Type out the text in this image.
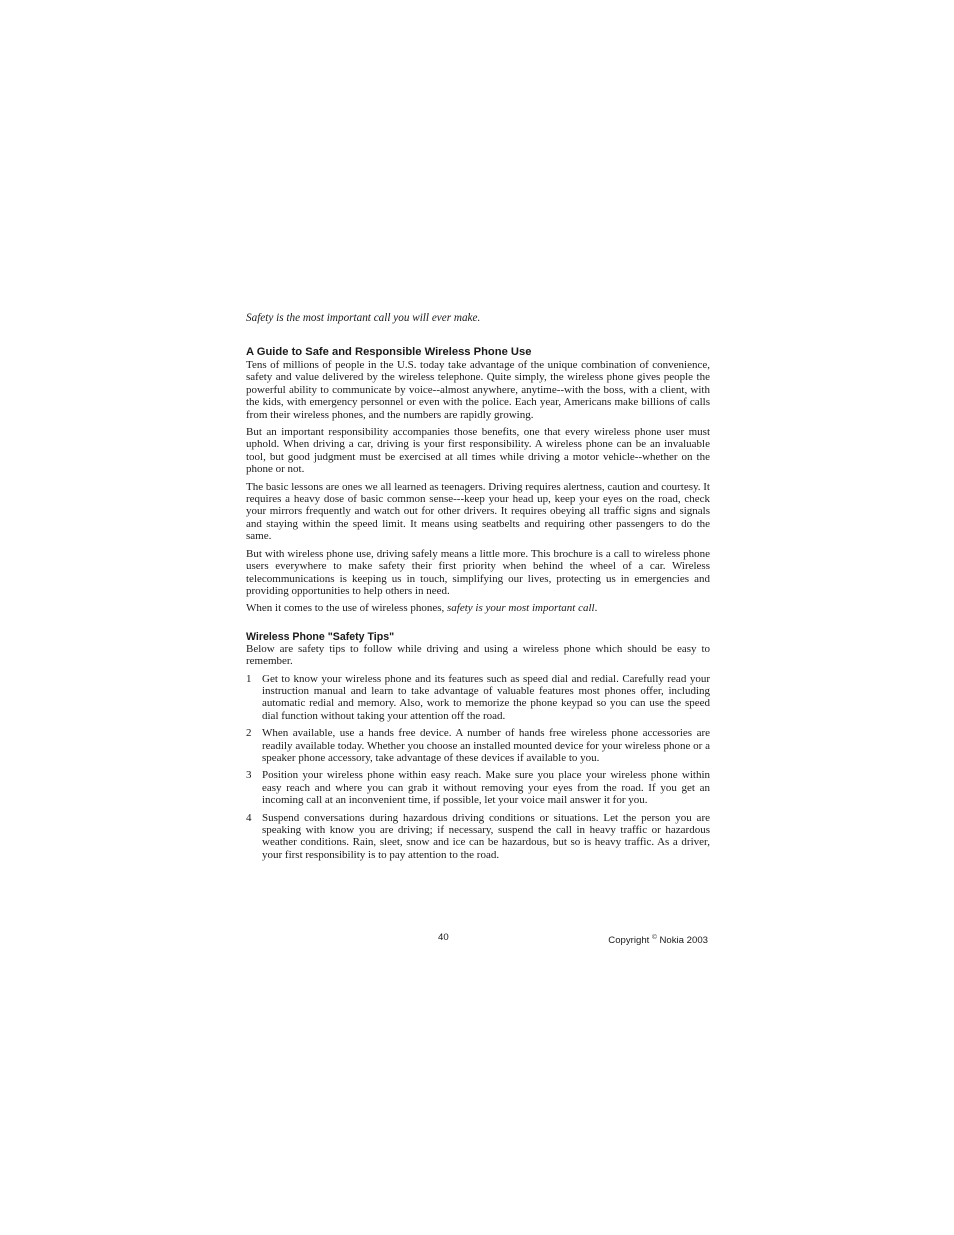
Safety is the most important call you will ever make.

A Guide to Safe and Responsible Wireless Phone Use

Tens of millions of people in the U.S. today take advantage of the unique combination of convenience, safety and value delivered by the wireless telephone. Quite simply, the wireless phone gives people the powerful ability to communicate by voice--almost anywhere, anytime--with the boss, with a client, with the kids, with emergency personnel or even with the police. Each year, Americans make billions of calls from their wireless phones, and the numbers are rapidly growing.

But an important responsibility accompanies those benefits, one that every wireless phone user must uphold. When driving a car, driving is your first responsibility. A wireless phone can be an invaluable tool, but good judgment must be exercised at all times while driving a motor vehicle--whether on the phone or not.

The basic lessons are ones we all learned as teenagers. Driving requires alertness, caution and courtesy. It requires a heavy dose of basic common sense---keep your head up, keep your eyes on the road, check your mirrors frequently and watch out for other drivers. It requires obeying all traffic signs and signals and staying within the speed limit. It means using seatbelts and requiring other passengers to do the same.

But with wireless phone use, driving safely means a little more. This brochure is a call to wireless phone users everywhere to make safety their first priority when behind the wheel of a car. Wireless telecommunications is keeping us in touch, simplifying our lives, protecting us in emergencies and providing opportunities to help others in need.

When it comes to the use of wireless phones, safety is your most important call.

Wireless Phone "Safety Tips"

Below are safety tips to follow while driving and using a wireless phone which should be easy to remember.

1 Get to know your wireless phone and its features such as speed dial and redial. Carefully read your instruction manual and learn to take advantage of valuable features most phones offer, including automatic redial and memory. Also, work to memorize the phone keypad so you can use the speed dial function without taking your attention off the road.
2 When available, use a hands free device. A number of hands free wireless phone accessories are readily available today. Whether you choose an installed mounted device for your wireless phone or a speaker phone accessory, take advantage of these devices if available to you.
3 Position your wireless phone within easy reach. Make sure you place your wireless phone within easy reach and where you can grab it without removing your eyes from the road. If you get an incoming call at an inconvenient time, if possible, let your voice mail answer it for you.
4 Suspend conversations during hazardous driving conditions or situations. Let the person you are speaking with know you are driving; if necessary, suspend the call in heavy traffic or hazardous weather conditions. Rain, sleet, snow and ice can be hazardous, but so is heavy traffic. As a driver, your first responsibility is to pay attention to the road.
40	Copyright © Nokia 2003
